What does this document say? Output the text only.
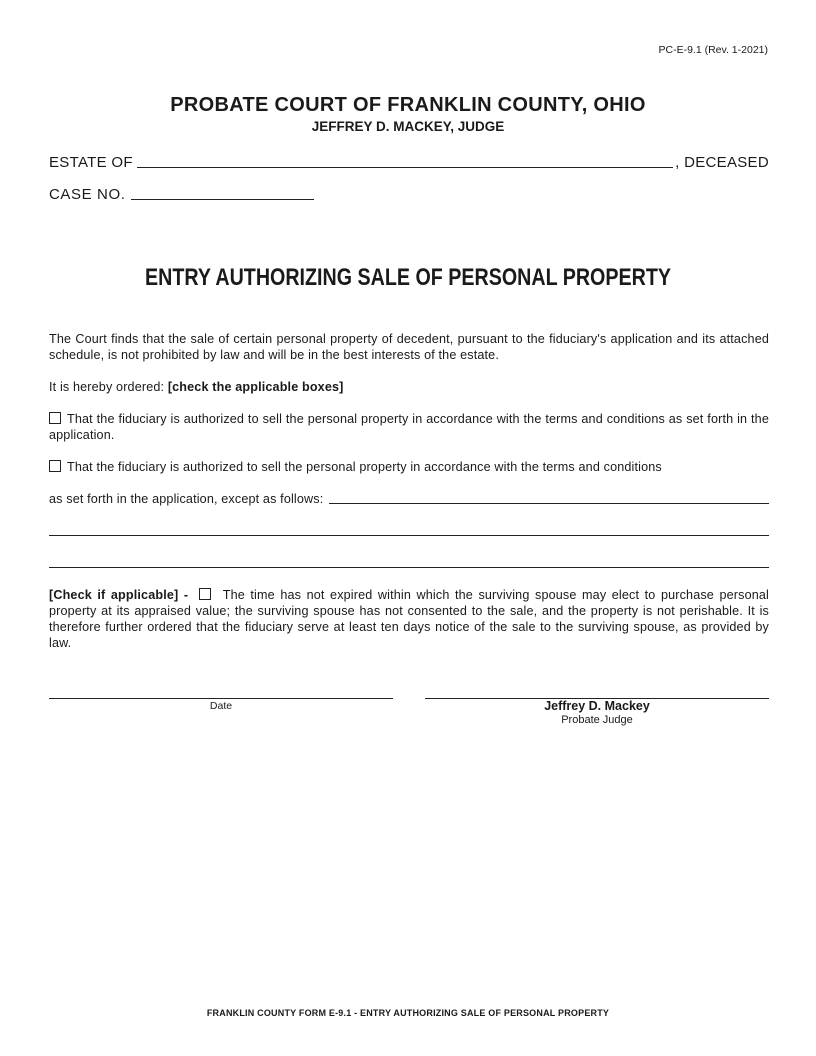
PC-E-9.1 (Rev. 1-2021)
PROBATE COURT OF FRANKLIN COUNTY, OHIO
JEFFREY D. MACKEY, JUDGE
ESTATE OF	, DECEASED
CASE NO.
ENTRY AUTHORIZING SALE OF PERSONAL PROPERTY
The Court finds that the sale of certain personal property of decedent, pursuant to the fiduciary's application and its attached schedule, is not prohibited by law and will be in the best interests of the estate.
It is hereby ordered: [check the applicable boxes]
That the fiduciary is authorized to sell the personal property in accordance with the terms and conditions as set forth in the application.
That the fiduciary is authorized to sell the personal property in accordance with the terms and conditions
as set forth in the application, except as follows:
[Check if applicable] -	The time has not expired within which the surviving spouse may elect to purchase personal property at its appraised value; the surviving spouse has not consented to the sale, and the property is not perishable. It is therefore further ordered that the fiduciary serve at least ten days notice of the sale to the surviving spouse, as provided by law.
Date	Jeffrey D. Mackey
Probate Judge
FRANKLIN COUNTY FORM E-9.1 - ENTRY AUTHORIZING SALE OF PERSONAL PROPERTY
